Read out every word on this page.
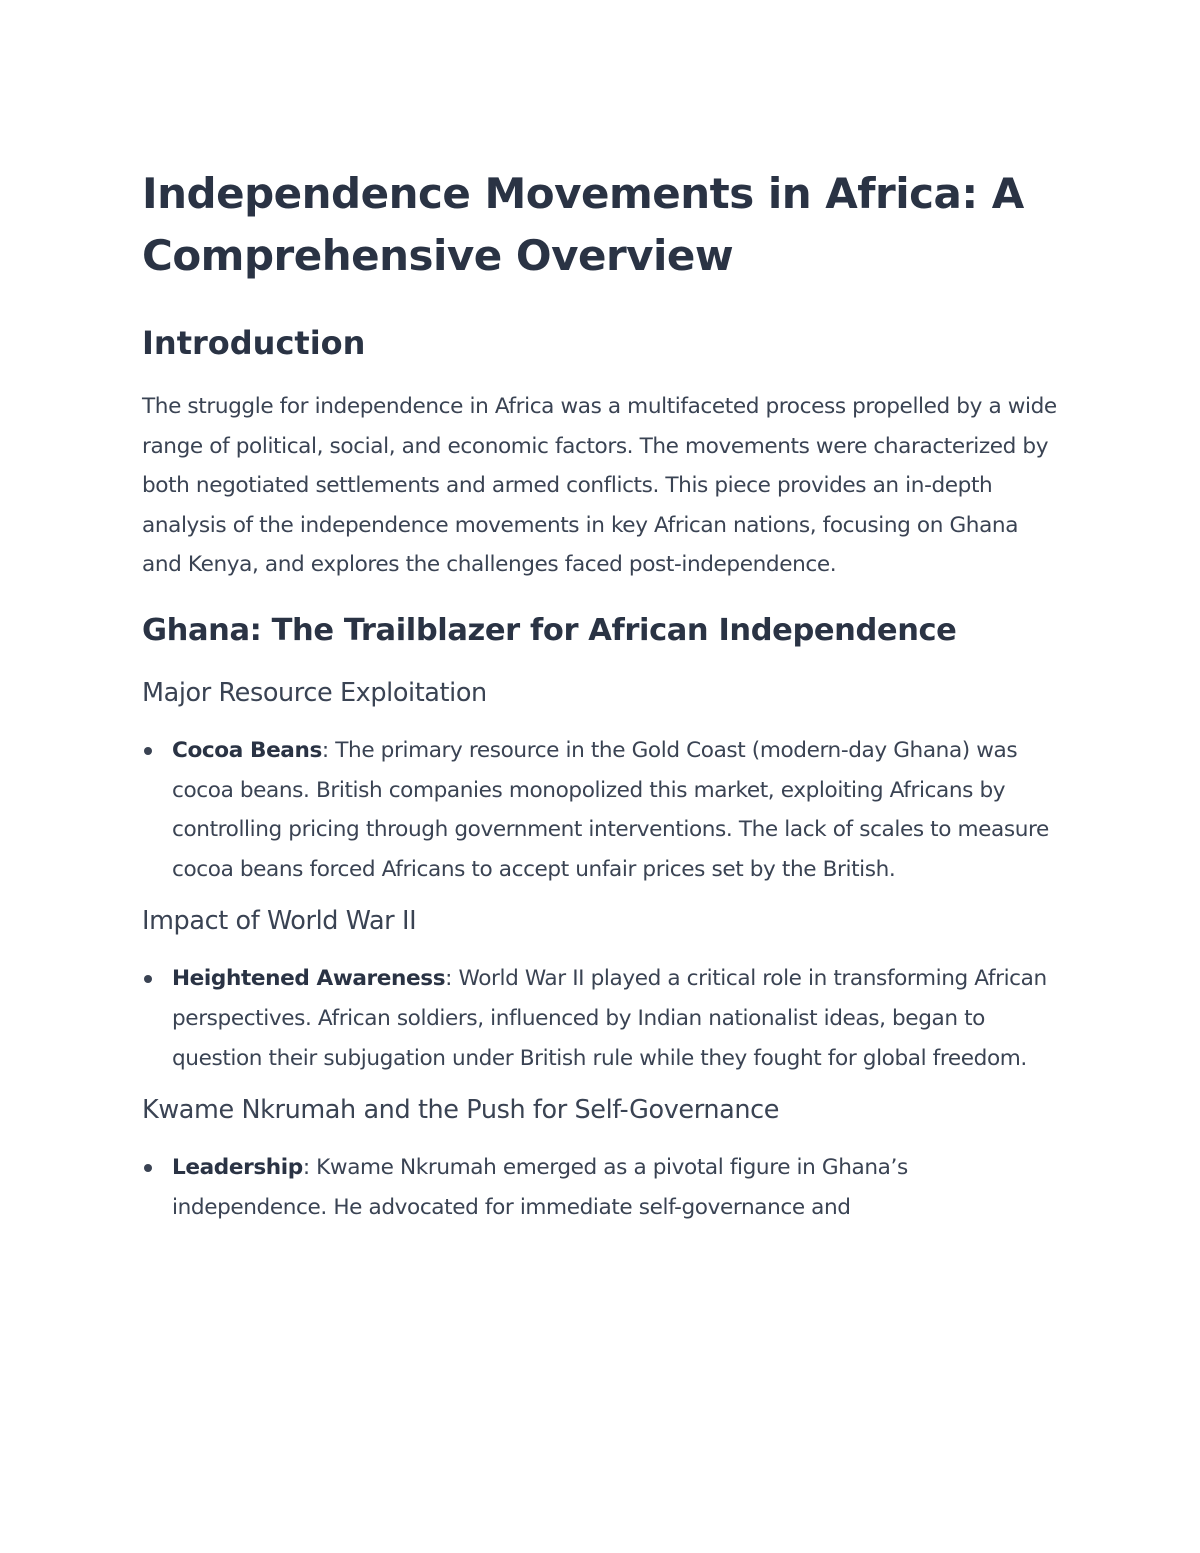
Independence Movements in Africa: A Comprehensive Overview
Introduction

The struggle for independence in Africa was a multifaceted process propelled by a wide range of political, social, and economic factors. The movements were characterized by both negotiated settlements and armed conflicts. This piece provides an in-depth analysis of the independence movements in key African nations, focusing on Ghana and Kenya, and explores the challenges faced post-independence.

Ghana: The Trailblazer for African Independence
Major Resource Exploitation
Cocoa Beans: The primary resource in the Gold Coast (modern-day Ghana) was cocoa beans. British companies monopolized this market, exploiting Africans by controlling pricing through government interventions. The lack of scales to measure cocoa beans forced Africans to accept unfair prices set by the British.
Impact of World War II
Heightened Awareness: World War II played a critical role in transforming African perspectives. African soldiers, influenced by Indian nationalist ideas, began to question their subjugation under British rule while they fought for global freedom.
Kwame Nkrumah and the Push for Self-Governance
Leadership: Kwame Nkrumah emerged as a pivotal figure in Ghana’s independence. He advocated for immediate self-governance and
